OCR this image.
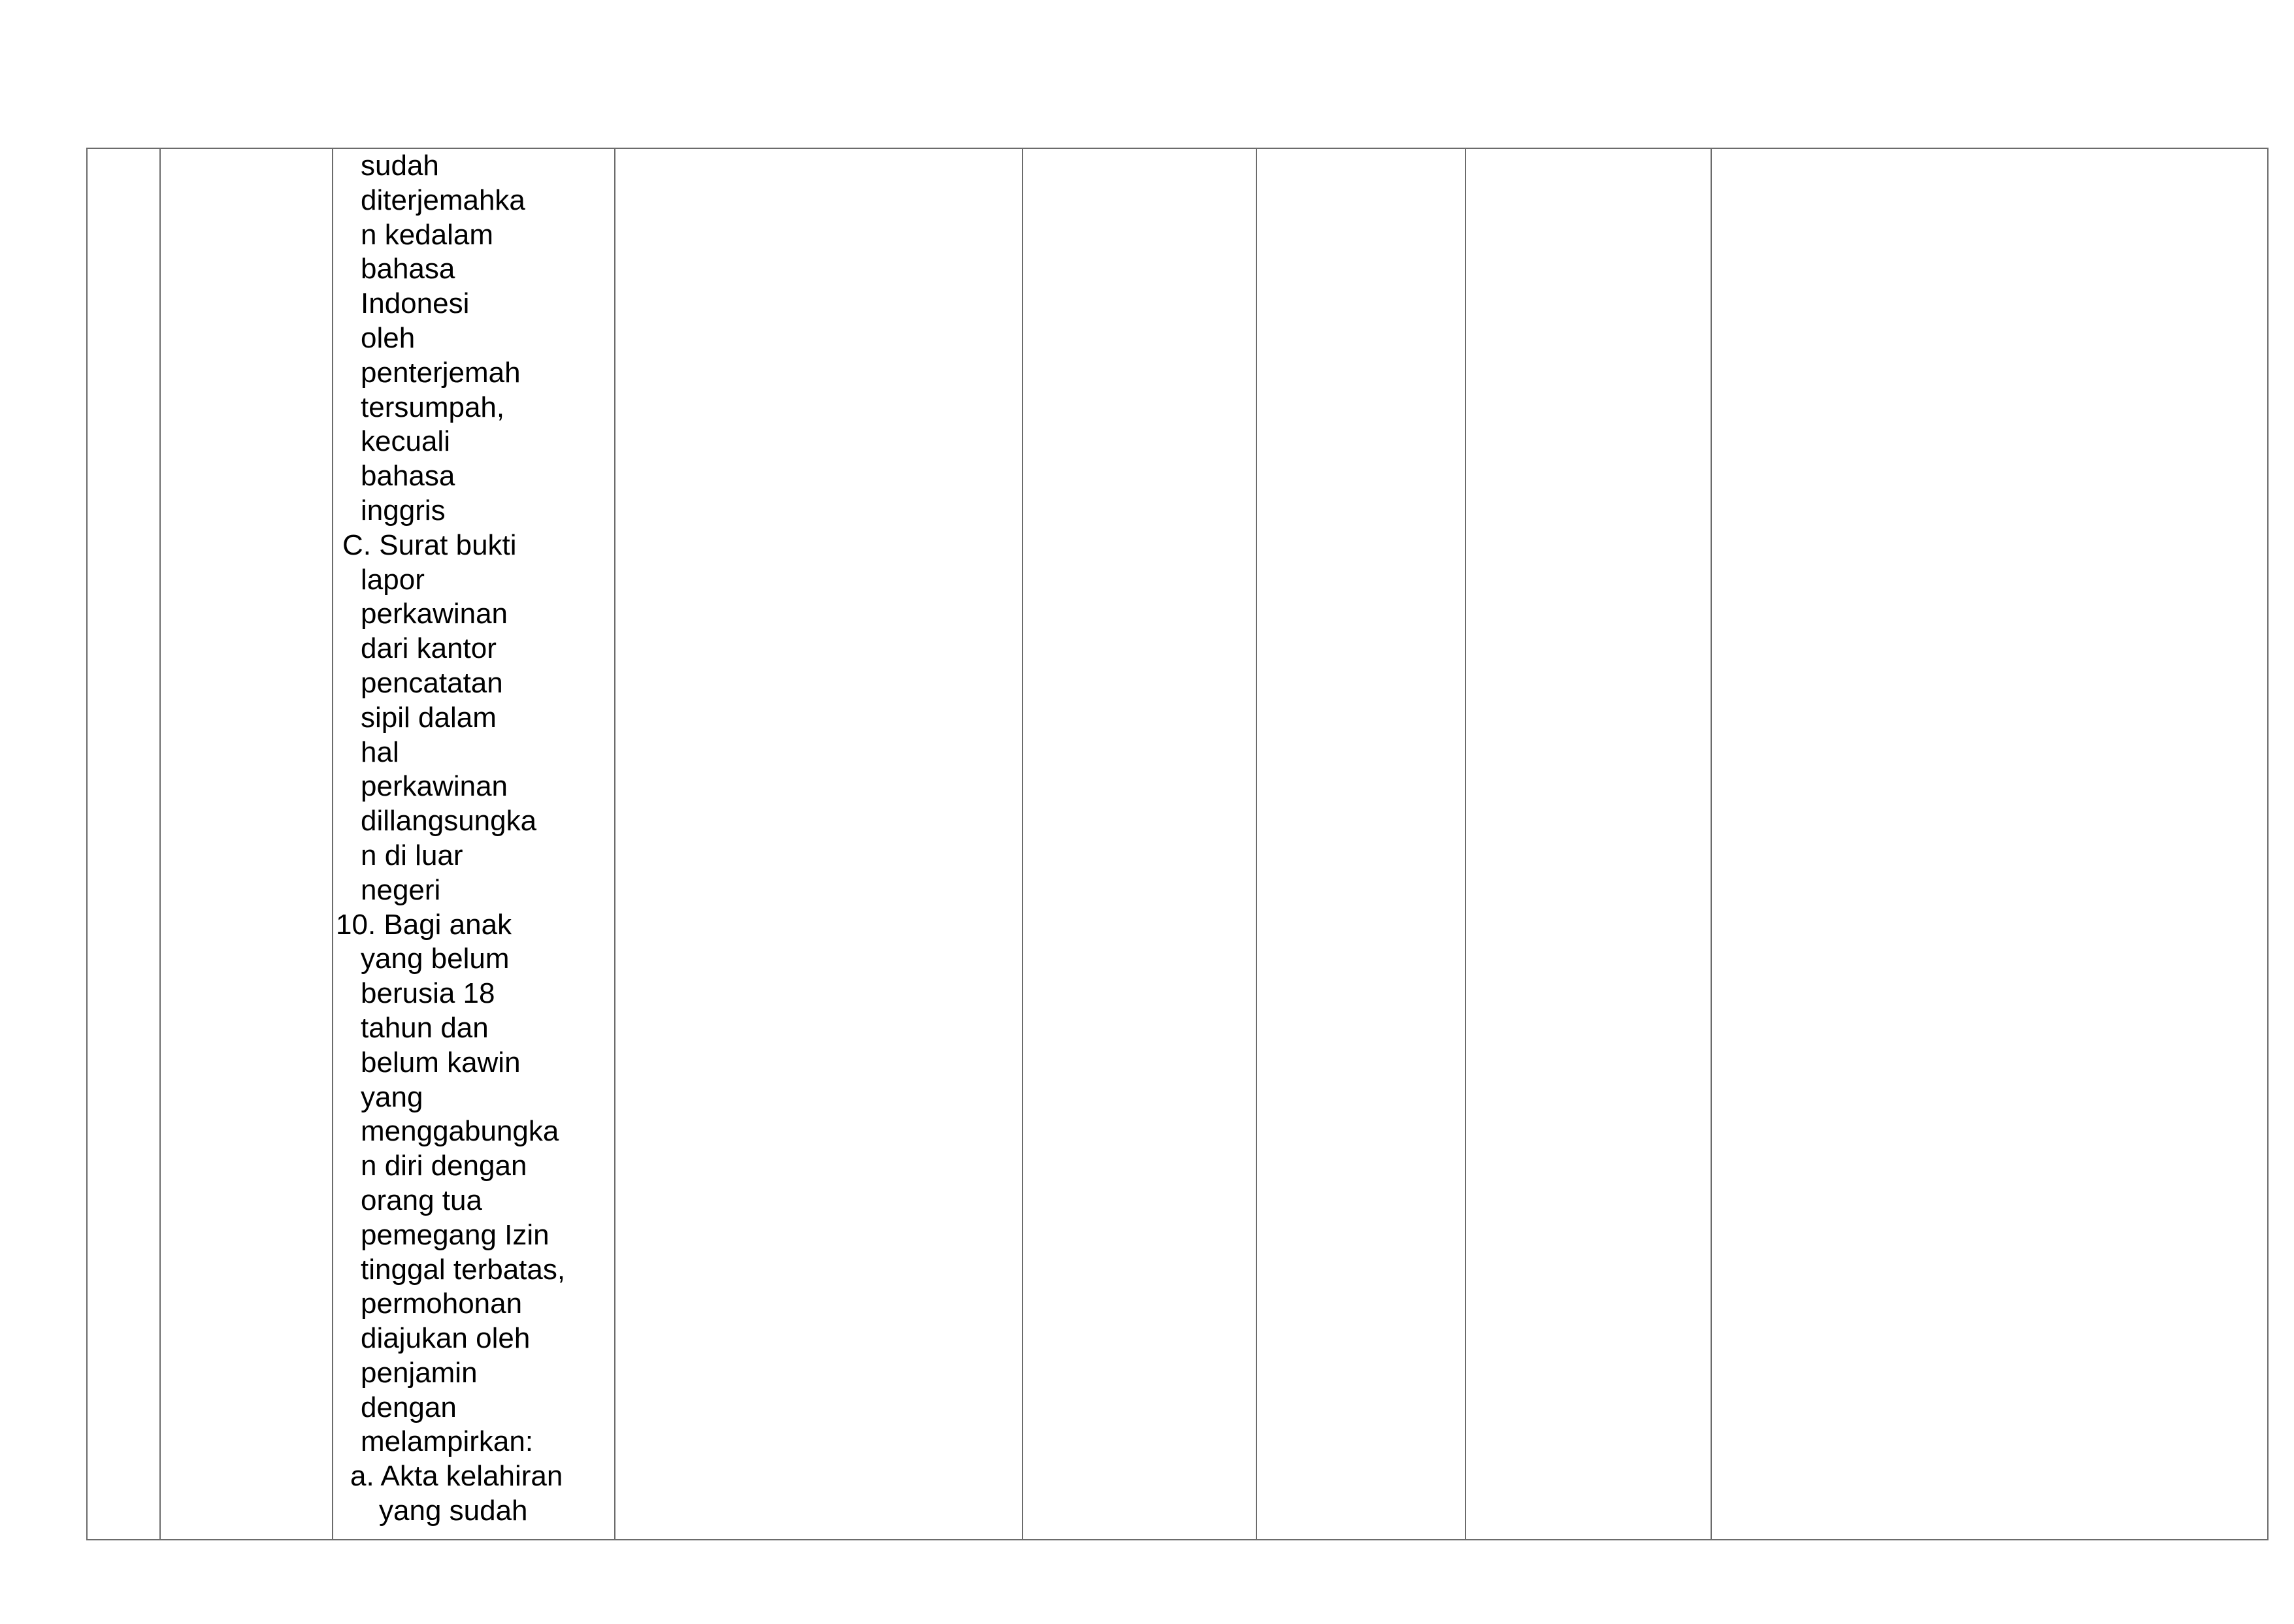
sudah
diterjemahka
n kedalam
bahasa
Indonesi
oleh
penterjemah
tersumpah,
kecuali
bahasa
inggris
C. Surat bukti
lapor
perkawinan
dari kantor
pencatatan
sipil dalam
hal
perkawinan
dillangsungka
n di luar
negeri
10. Bagi anak
yang belum
berusia 18
tahun dan
belum kawin
yang
menggabungka
n diri dengan
orang tua
pemegang Izin
tinggal terbatas,
permohonan
diajukan oleh
penjamin
dengan
melampirkan:
a. Akta kelahiran
yang sudah
